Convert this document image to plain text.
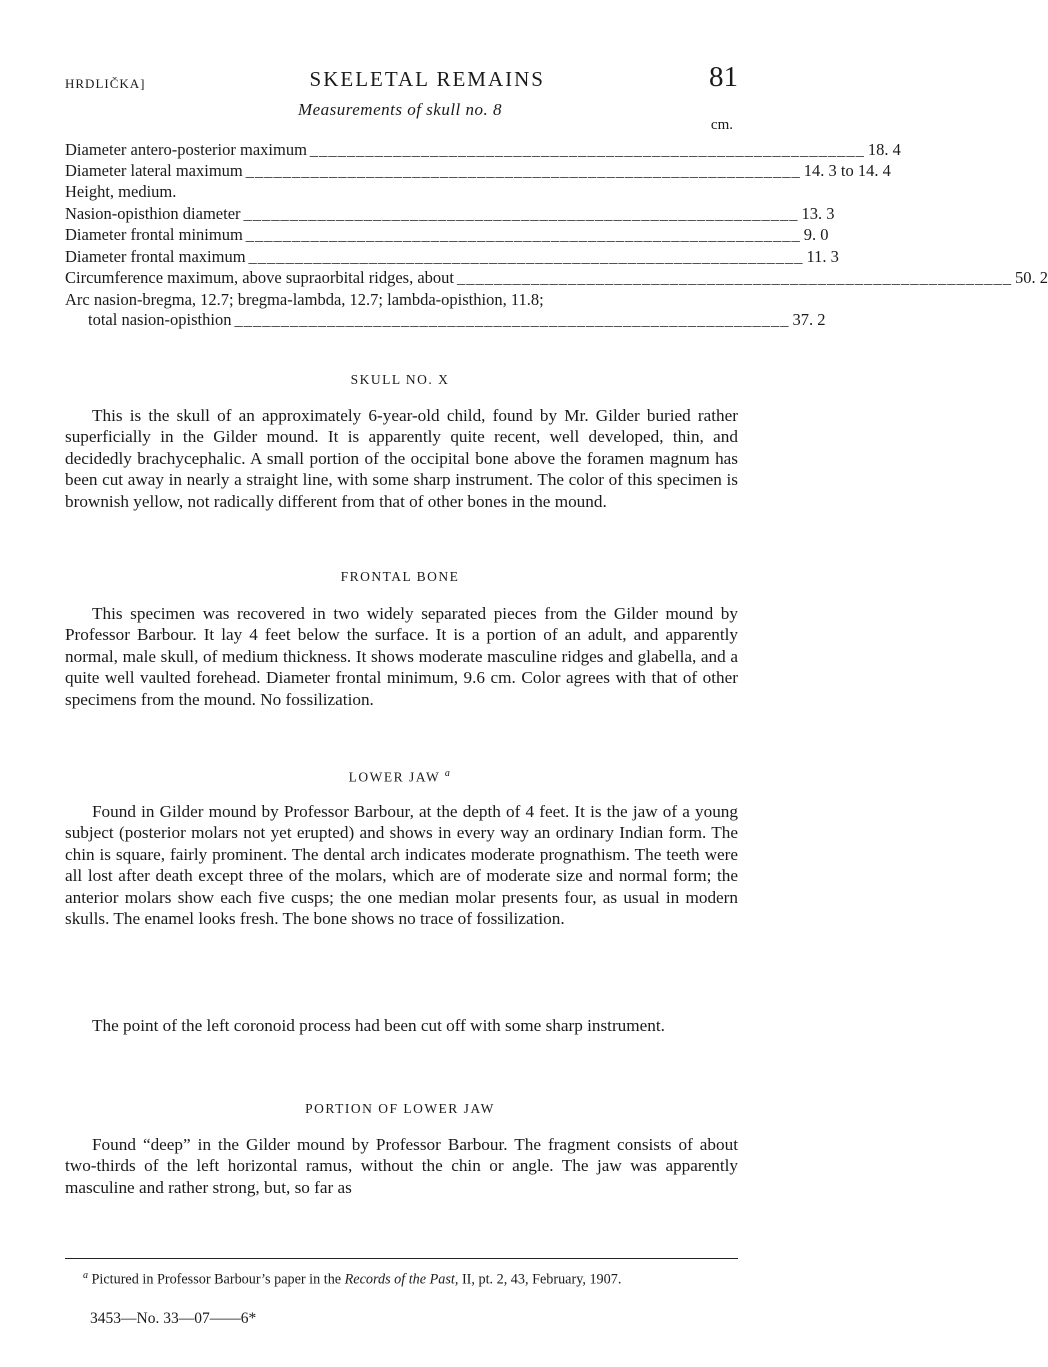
HRDLIČKA]	SKELETAL REMAINS	81
Measurements of skull no. 8
cm.
Diameter antero-posterior maximum ____________________________________________________________ 18. 4
Diameter lateral maximum ____________________________________________________________ 14. 3 to 14. 4
Height, medium.
Nasion-opisthion diameter ____________________________________________________________ 13. 3
Diameter frontal minimum ____________________________________________________________ 9. 0
Diameter frontal maximum ____________________________________________________________ 11. 3
Circumference maximum, above supraorbital ridges, about ____________________________________________________________ 50. 2
Arc nasion-bregma, 12.7; bregma-lambda, 12.7; lambda-opisthion, 11.8;
total nasion-opisthion ____________________________________________________________ 37. 2
SKULL NO. X

This is the skull of an approximately 6-year-old child, found by Mr. Gilder buried rather superficially in the Gilder mound. It is apparently quite recent, well developed, thin, and decidedly brachycephalic. A small portion of the occipital bone above the foramen magnum has been cut away in nearly a straight line, with some sharp instrument. The color of this specimen is brownish yellow, not radically different from that of other bones in the mound.

FRONTAL BONE

This specimen was recovered in two widely separated pieces from the Gilder mound by Professor Barbour. It lay 4 feet below the surface. It is a portion of an adult, and apparently normal, male skull, of medium thickness. It shows moderate masculine ridges and glabella, and a quite well vaulted forehead. Diameter frontal minimum, 9.6 cm. Color agrees with that of other specimens from the mound. No fossilization.

LOWER JAW $^a$

Found in Gilder mound by Professor Barbour, at the depth of 4 feet. It is the jaw of a young subject (posterior molars not yet erupted) and shows in every way an ordinary Indian form. The chin is square, fairly prominent. The dental arch indicates moderate prognathism. The teeth were all lost after death except three of the molars, which are of moderate size and normal form; the anterior molars show each five cusps; the one median molar presents four, as usual in modern skulls. The enamel looks fresh. The bone shows no trace of fossilization.

The point of the left coronoid process had been cut off with some sharp instrument.

PORTION OF LOWER JAW

Found “deep” in the Gilder mound by Professor Barbour. The fragment consists of about two-thirds of the left horizontal ramus, without the chin or angle. The jaw was apparently masculine and rather strong, but, so far as

$^a$ Pictured in Professor Barbour’s paper in the Records of the Past, II, pt. 2, 43, February, 1907.

3453—No. 33—07——6*
